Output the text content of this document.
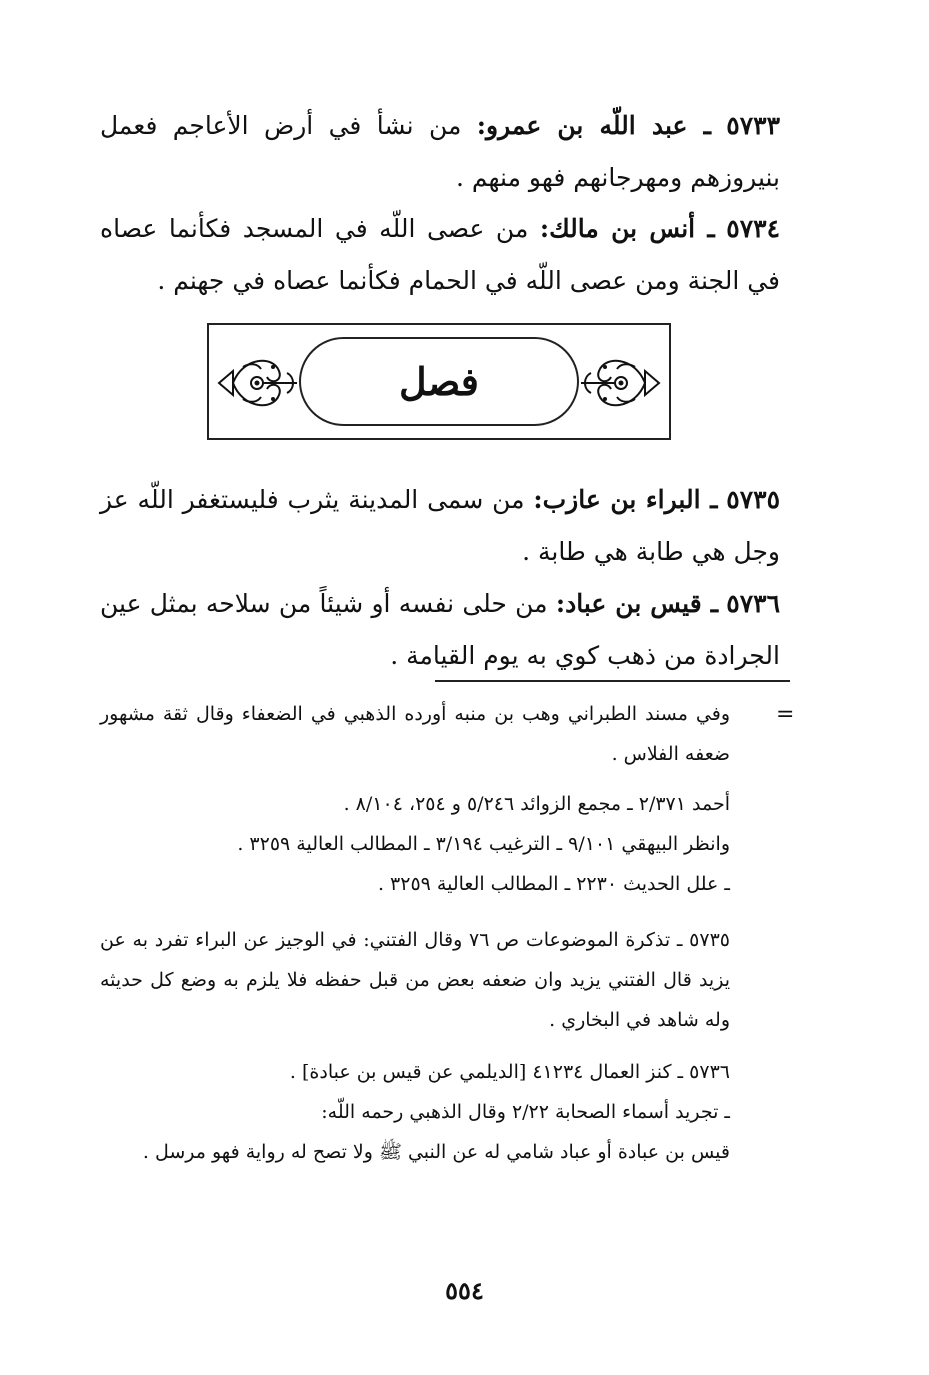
٥٧٣٣ ـ عبد اللّه بن عمرو: من نشأ في أرض الأعاجم فعمل بنيروزهم ومهرجانهم فهو منهم .
٥٧٣٤ ـ أنس بن مالك: من عصى اللّه في المسجد فكأنما عصاه في الجنة ومن عصى اللّه في الحمام فكأنما عصاه في جهنم .
فصل
٥٧٣٥ ـ البراء بن عازب: من سمى المدينة يثرب فليستغفر اللّه عز وجل هي طابة هي طابة .
٥٧٣٦ ـ قيس بن عباد: من حلى نفسه أو شيئاً من سلاحه بمثل عين الجرادة من ذهب كوي به يوم القيامة .
=
وفي مسند الطبراني وهب بن منبه أورده الذهبي في الضعفاء وقال ثقة مشهور ضعفه الفلاس .
أحمد ٢/٣٧١ ـ مجمع الزوائد ٥/٢٤٦ و ٢٥٤، ٨/١٠٤ .
وانظر البيهقي ٩/١٠١ ـ الترغيب ٣/١٩٤ ـ المطالب العالية ٣٢٥٩ .
ـ علل الحديث ٢٢٣٠ ـ المطالب العالية ٣٢٥٩ .
٥٧٣٥ ـ تذكرة الموضوعات ص ٧٦ وقال الفتني: في الوجيز عن البراء تفرد به عن يزيد قال الفتني يزيد وان ضعفه بعض من قبل حفظه فلا يلزم به وضع كل حديثه وله شاهد في البخاري .
٥٧٣٦ ـ كنز العمال ٤١٢٣٤ [الديلمي عن قيس بن عبادة] .
ـ تجريد أسماء الصحابة ٢/٢٢ وقال الذهبي رحمه اللّه:
قيس بن عبادة أو عباد شامي له عن النبي ﷺ ولا تصح له رواية فهو مرسل .
٥٥٤
